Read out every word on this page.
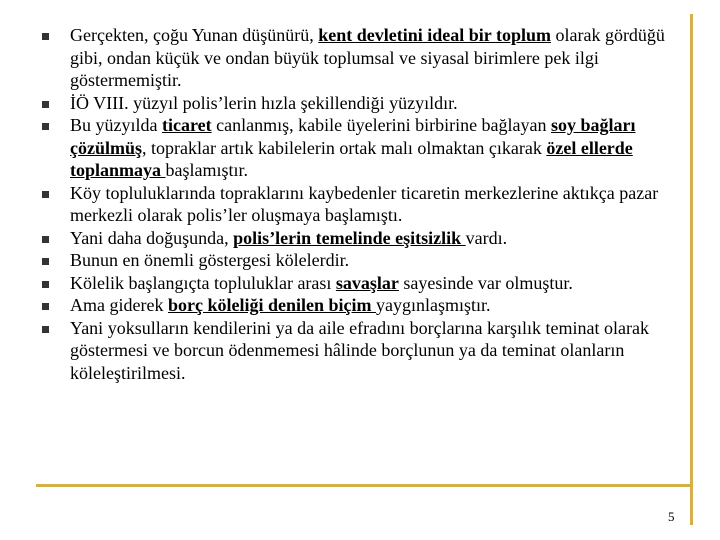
Gerçekten, çoğu Yunan düşünürü, kent devletini ideal bir toplum olarak gördüğü gibi, ondan küçük ve ondan büyük toplumsal ve siyasal birimlere pek ilgi göstermemiştir.
İÖ VIII. yüzyıl polis’lerin hızla şekillendiği yüzyıldır.
Bu yüzyılda ticaret canlanmış, kabile üyelerini birbirine bağlayan soy bağları çözülmüş, topraklar artık kabilelerin ortak malı olmaktan çıkarak özel ellerde toplanmaya başlamıştır.
Köy topluluklarında topraklarını kaybedenler ticaretin merkezlerine aktıkça pazar merkezli olarak polis’ler oluşmaya başlamıştı.
Yani daha doğuşunda, polis’lerin temelinde eşitsizlik vardı.
Bunun en önemli göstergesi kölelerdir.
Kölelik başlangıçta topluluklar arası savaşlar sayesinde var olmuştur.
Ama giderek borç köleliği denilen biçim yaygınlaşmıştır.
Yani yoksulların kendilerini ya da aile efradını borçlarına karşılık teminat olarak göstermesi ve borcun ödenmemesi hâlinde borçlunun ya da teminat olanların köleleştirilmesi.
5
